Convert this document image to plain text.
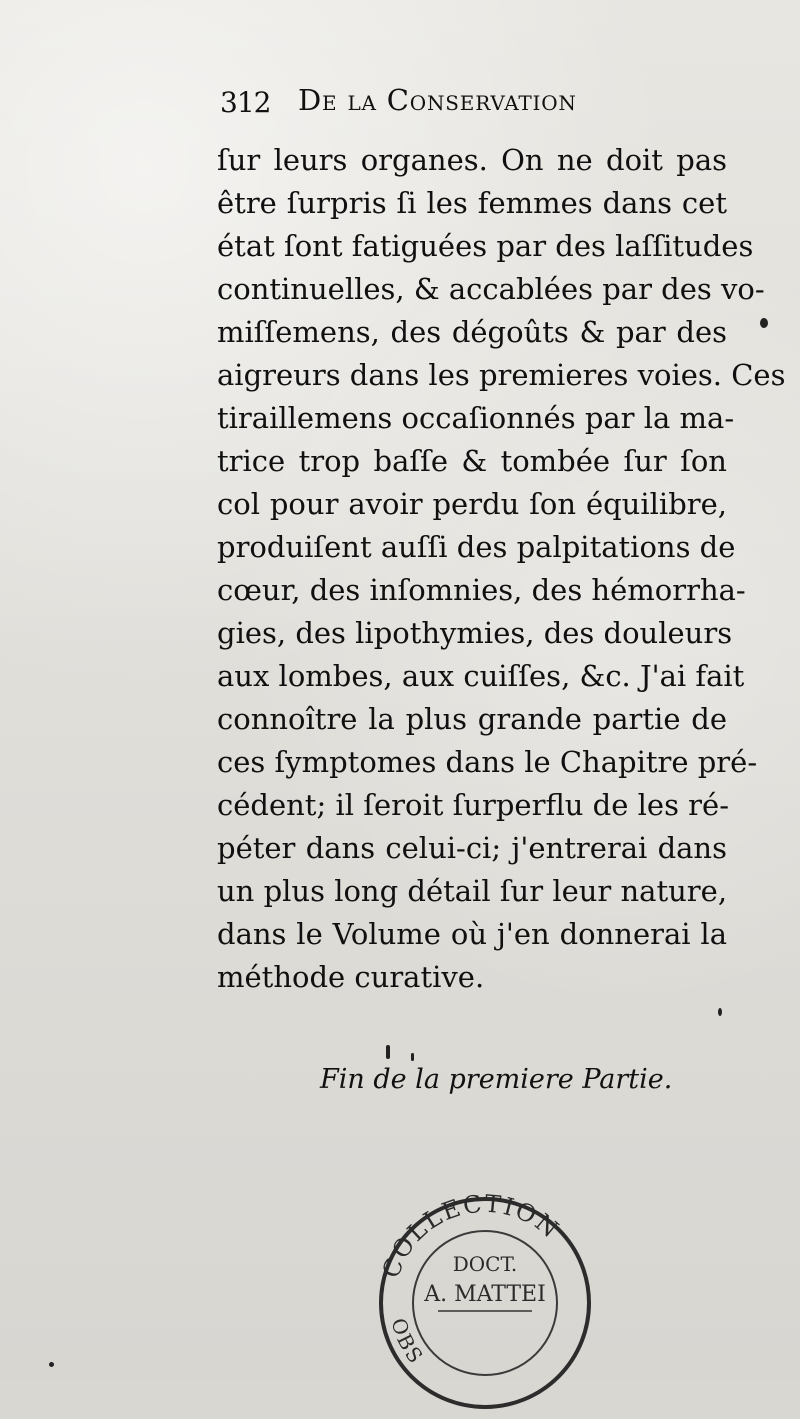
312 De la Conservation
ſur leurs organes. On ne doit pas
être ſurpris ſi les femmes dans cet
état ſont fatiguées par des laſſitudes
continuelles, & accablées par des vo-
miſſemens, des dégoûts & par des
aigreurs dans les premieres voies. Ces
tiraillemens occaſionnés par la ma-
trice trop baſſe & tombée ſur ſon
col pour avoir perdu ſon équilibre,
produiſent auſſi des palpitations de
cœur, des inſomnies, des hémorrha-
gies, des lipothymies, des douleurs
aux lombes, aux cuiſſes, &c. J'ai fait
connoître la plus grande partie de
ces ſymptomes dans le Chapitre pré-
cédent; il ſeroit ſurperflu de les ré-
péter dans celui-ci; j'entrerai dans
un plus long détail ſur leur nature,
dans le Volume où j'en donnerai la
méthode curative.
Fin de la premiere Partie.
COLLECTION
OBS
DOCT.
A. MATTEI
